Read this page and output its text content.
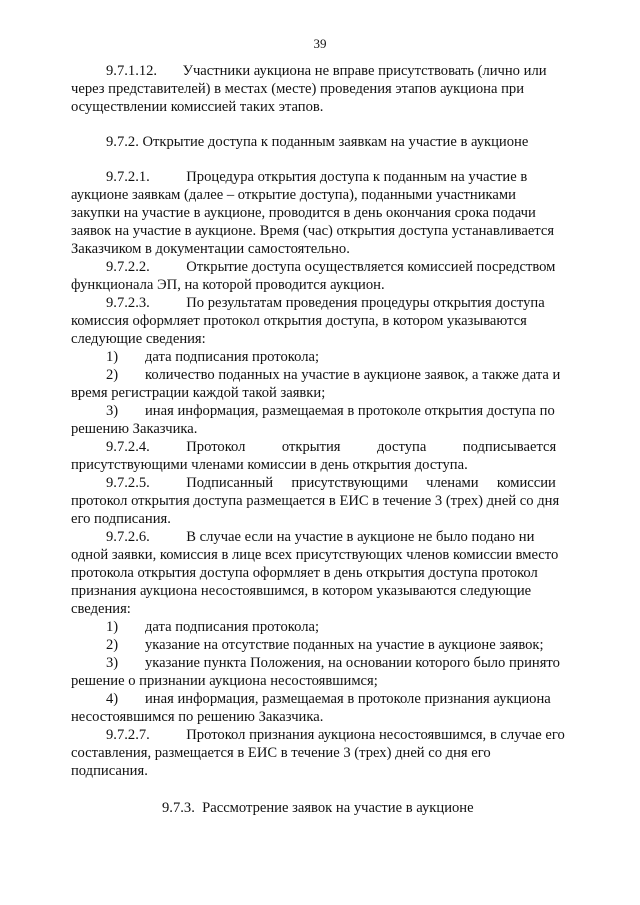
39
9.7.1.12.       Участники аукциона не вправе присутствовать (лично или
через представителей) в местах (месте) проведения этапов аукциона при
осуществлении комиссией таких этапов.
9.7.2. Открытие доступа к поданным заявкам на участие в аукционе
9.7.2.1.          Процедура открытия доступа к поданным на участие в
аукционе заявкам (далее – открытие доступа), поданными участниками
закупки на участие в аукционе, проводится в день окончания срока подачи
заявок на участие в аукционе. Время (час) открытия доступа устанавливается
Заказчиком в документации самостоятельно.
9.7.2.2.          Открытие доступа осуществляется комиссией посредством
функционала ЭП, на которой проводится аукцион.
9.7.2.3.          По результатам проведения процедуры открытия доступа
комиссия оформляет протокол открытия доступа, в котором указываются
следующие сведения:
1) дата подписания протокола;
2) количество поданных на участие в аукционе заявок, а также дата и
время регистрации каждой такой заявки;
3) иная информация, размещаемая в протоколе открытия доступа по
решению Заказчика.
9.7.2.4.          Протокол          открытия          доступа          подписывается
присутствующими членами комиссии в день открытия доступа.
9.7.2.5.          Подписанный     присутствующими     членами     комиссии
протокол открытия доступа размещается в ЕИС в течение 3 (трех) дней со дня
его подписания.
9.7.2.6.          В случае если на участие в аукционе не было подано ни
одной заявки, комиссия в лице всех присутствующих членов комиссии вместо
протокола открытия доступа оформляет в день открытия доступа протокол
признания аукциона несостоявшимся, в котором указываются следующие
сведения:
1) дата подписания протокола;
2) указание на отсутствие поданных на участие в аукционе заявок;
3) указание пункта Положения, на основании которого было принято
решение о признании аукциона несостоявшимся;
4) иная информация, размещаемая в протоколе признания аукциона
несостоявшимся по решению Заказчика.
9.7.2.7.          Протокол признания аукциона несостоявшимся, в случае его
составления, размещается в ЕИС в течение 3 (трех) дней со дня его
подписания.
9.7.3.  Рассмотрение заявок на участие в аукционе
